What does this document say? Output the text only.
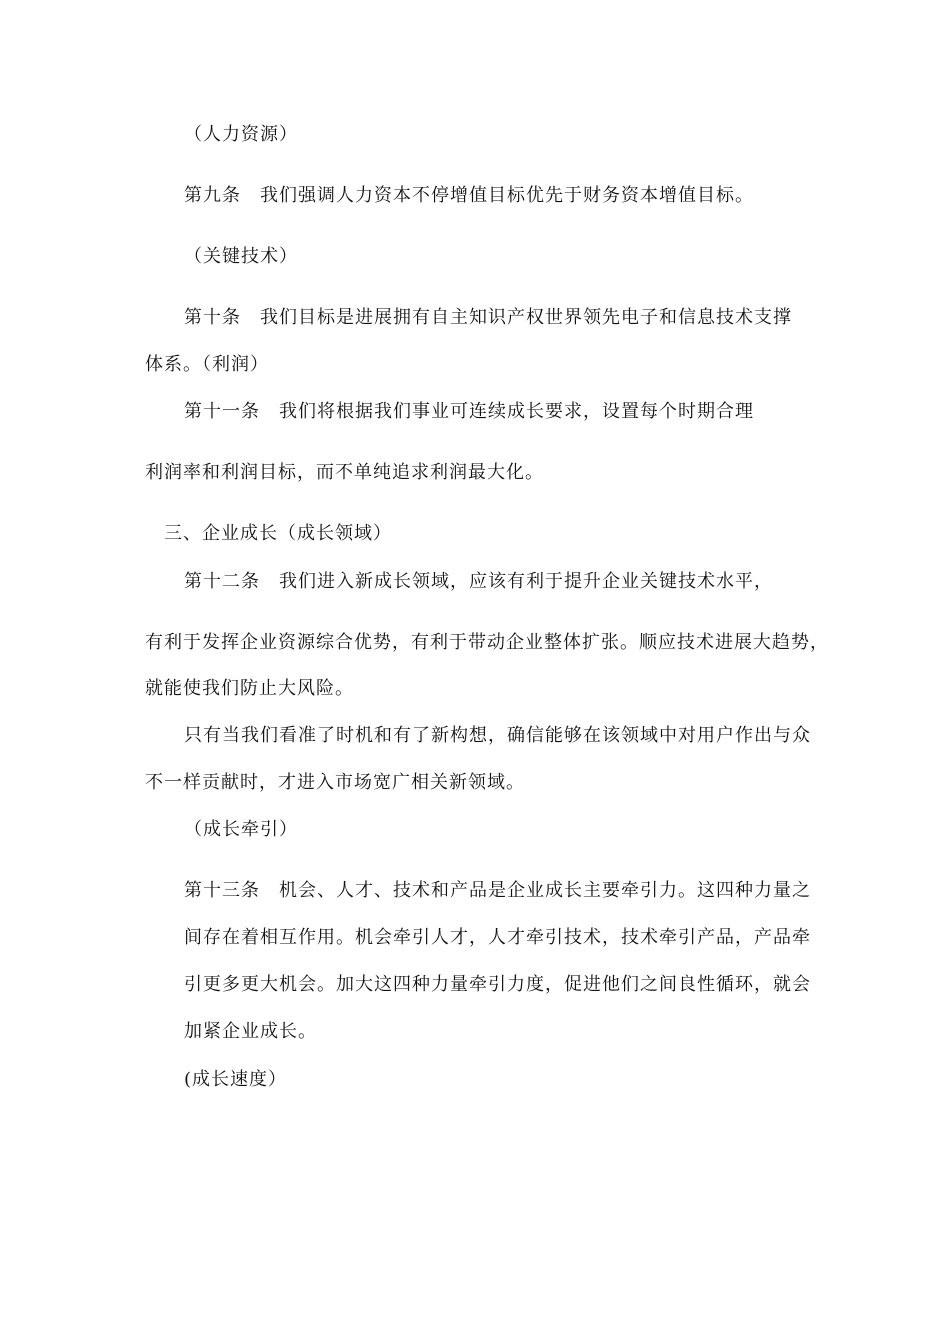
（人力资源）
第九条　我们强调人力资本不停增值目标优先于财务资本增值目标。
（关键技术）
第十条　我们目标是进展拥有自主知识产权世界领先电子和信息技术支撑
体系。（利润）
第十一条　我们将根据我们事业可连续成长要求，设置每个时期合理
利润率和利润目标，而不单纯追求利润最大化。
三、企业成长（成长领域）
第十二条　我们进入新成长领域，应该有利于提升企业关键技术水平，
有利于发挥企业资源综合优势，有利于带动企业整体扩张。顺应技术进展大趋势，
就能使我们防止大风险。
只有当我们看准了时机和有了新构想，确信能够在该领域中对用户作出与众
不一样贡献时，才进入市场宽广相关新领域。
（成长牵引）
第十三条　机会、人才、技术和产品是企业成长主要牵引力。这四种力量之
间存在着相互作用。机会牵引人才，人才牵引技术，技术牵引产品，产品牵
引更多更大机会。加大这四种力量牵引力度，促进他们之间良性循环，就会
加紧企业成长。
(成长速度）
